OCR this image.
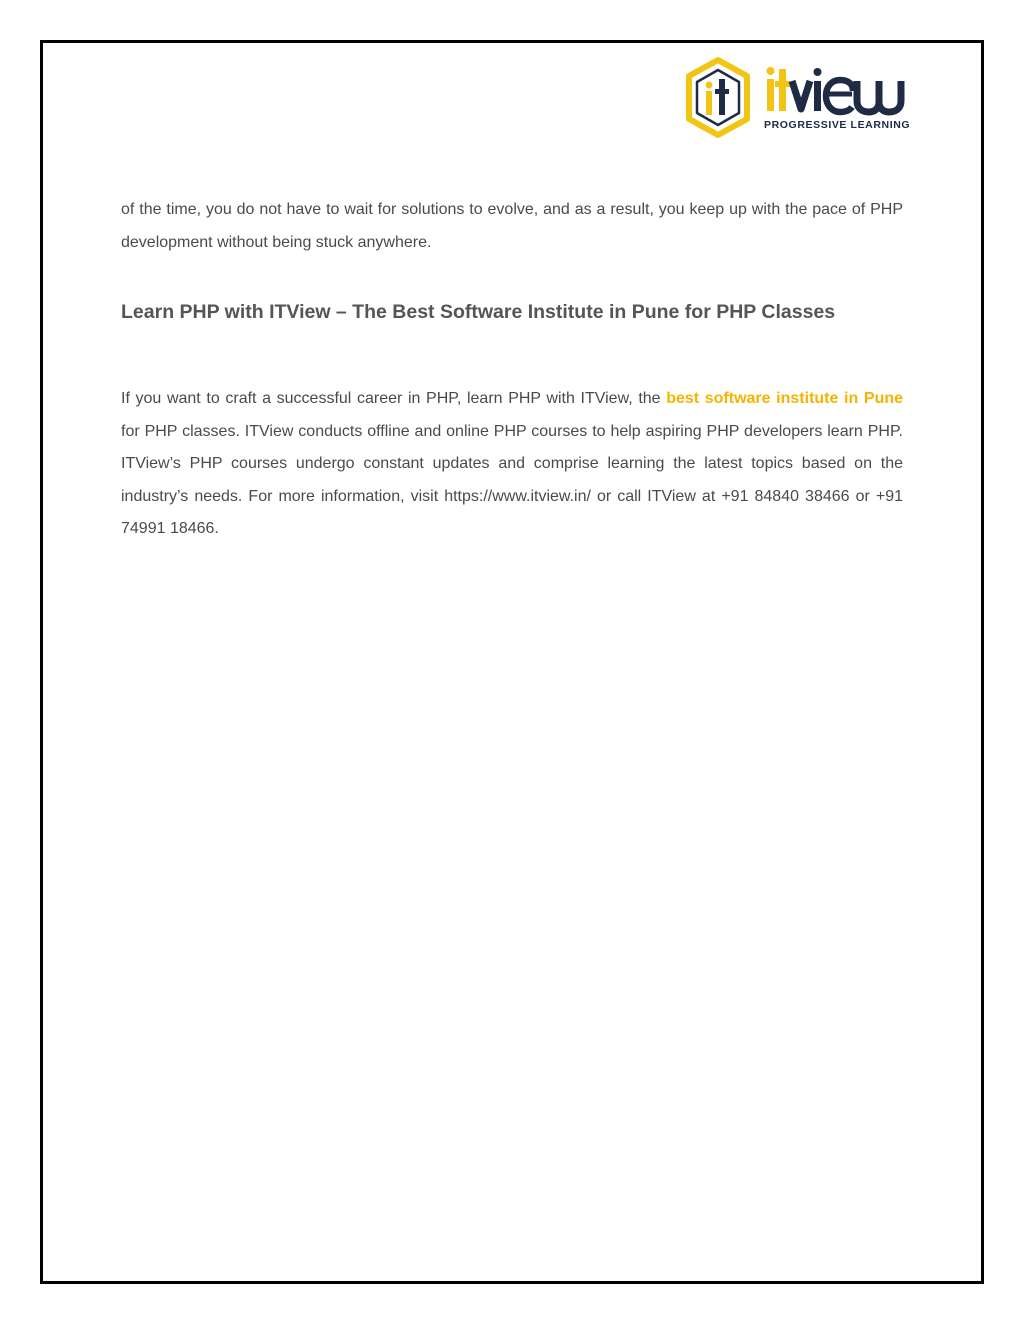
PROGRESSIVE LEARNING

of the time, you do not have to wait for solutions to evolve, and as a result, you keep up with the pace of PHP development without being stuck anywhere.

Learn PHP with ITView – The Best Software Institute in Pune for PHP Classes

If you want to craft a successful career in PHP, learn PHP with ITView, the best software institute in Pune for PHP classes. ITView conducts offline and online PHP courses to help aspiring PHP developers learn PHP. ITView’s PHP courses undergo constant updates and comprise learning the latest topics based on the industry’s needs. For more information, visit https://www.itview.in/ or call ITView at +91 84840 38466 or +91 74991 18466.
